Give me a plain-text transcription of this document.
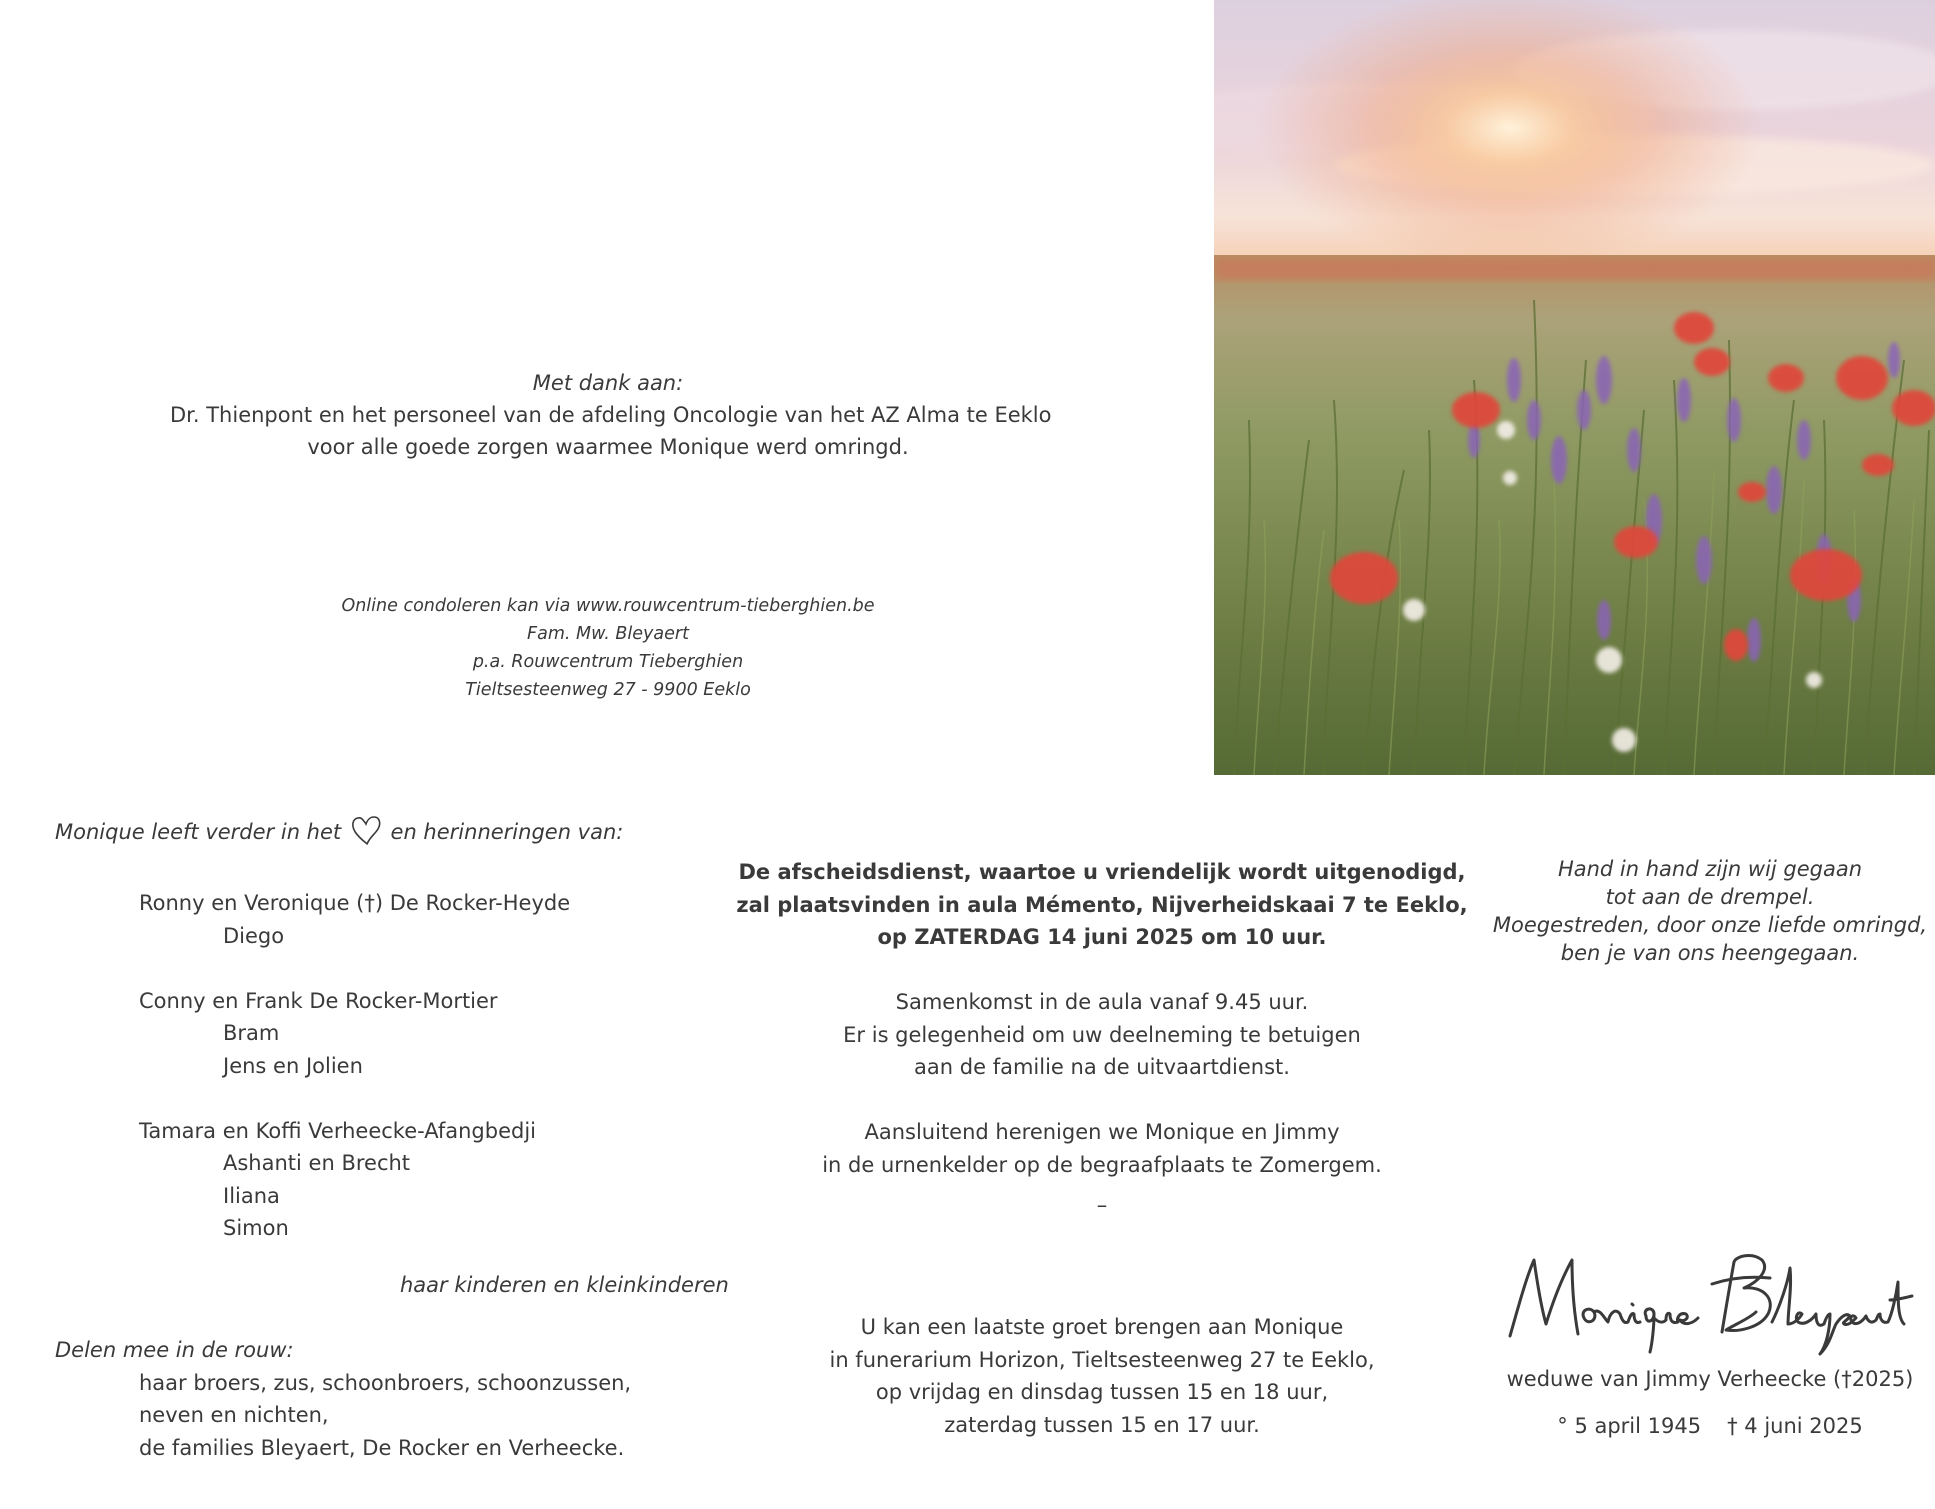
Met dank aan:
Dr. Thienpont en het personeel van de afdeling Oncologie van het AZ Alma te Eeklo
voor alle goede zorgen waarmee Monique werd omringd.
Online condoleren kan via www.rouwcentrum-tieberghien.be
Fam. Mw. Bleyaert
p.a. Rouwcentrum Tieberghien
Tieltsesteenweg 27 - 9900 Eeklo
Monique leeft verder in het en herinneringen van:
Ronny en Veronique (†) De Rocker-Heyde
Diego
Conny en Frank De Rocker-Mortier
Bram
Jens en Jolien
Tamara en Koffi Verheecke-Afangbedji
Ashanti en Brecht
Iliana
Simon
haar kinderen en kleinkinderen
Delen mee in de rouw:
haar broers, zus, schoonbroers, schoonzussen,
neven en nichten,
de families Bleyaert, De Rocker en Verheecke.
De afscheidsdienst, waartoe u vriendelijk wordt uitgenodigd,
zal plaatsvinden in aula Mémento, Nijverheidskaai 7 te Eeklo,
op ZATERDAG 14 juni 2025 om 10 uur.
Samenkomst in de aula vanaf 9.45 uur.
Er is gelegenheid om uw deelneming te betuigen
aan de familie na de uitvaartdienst.
Aansluitend herenigen we Monique en Jimmy
in de urnenkelder op de begraafplaats te Zomergem.
–
U kan een laatste groet brengen aan Monique
in funerarium Horizon, Tieltsesteenweg 27 te Eeklo,
op vrijdag en dinsdag tussen 15 en 18 uur,
zaterdag tussen 15 en 17 uur.
Hand in hand zijn wij gegaan
tot aan de drempel.
Moegestreden, door onze liefde omringd,
ben je van ons heengegaan.
weduwe van Jimmy Verheecke (†2025)
° 5 april 1945 † 4 juni 2025
